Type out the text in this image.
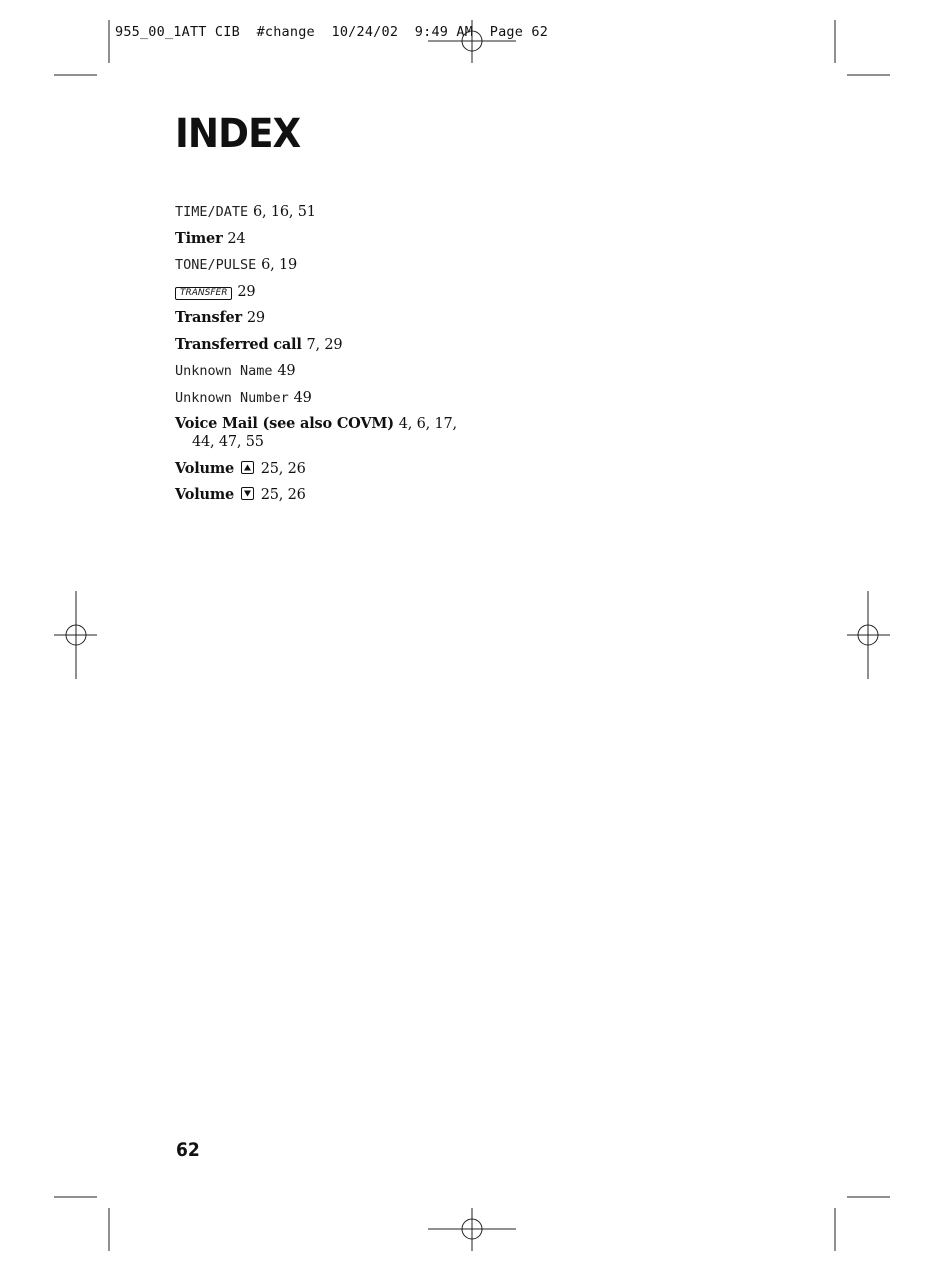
955_00_1ATT CIB  #change  10/24/02  9:49 AM  Page 62
INDEX
TIME/DATE 6, 16, 51
Timer 24
TONE/PULSE 6, 19
TRANSFER 29
Transfer 29
Transferred call 7, 29
Unknown Name 49
Unknown Number 49
Voice Mail (see also COVM) 4, 6, 17, 44, 47, 55
Volume 25, 26
Volume 25, 26
62
